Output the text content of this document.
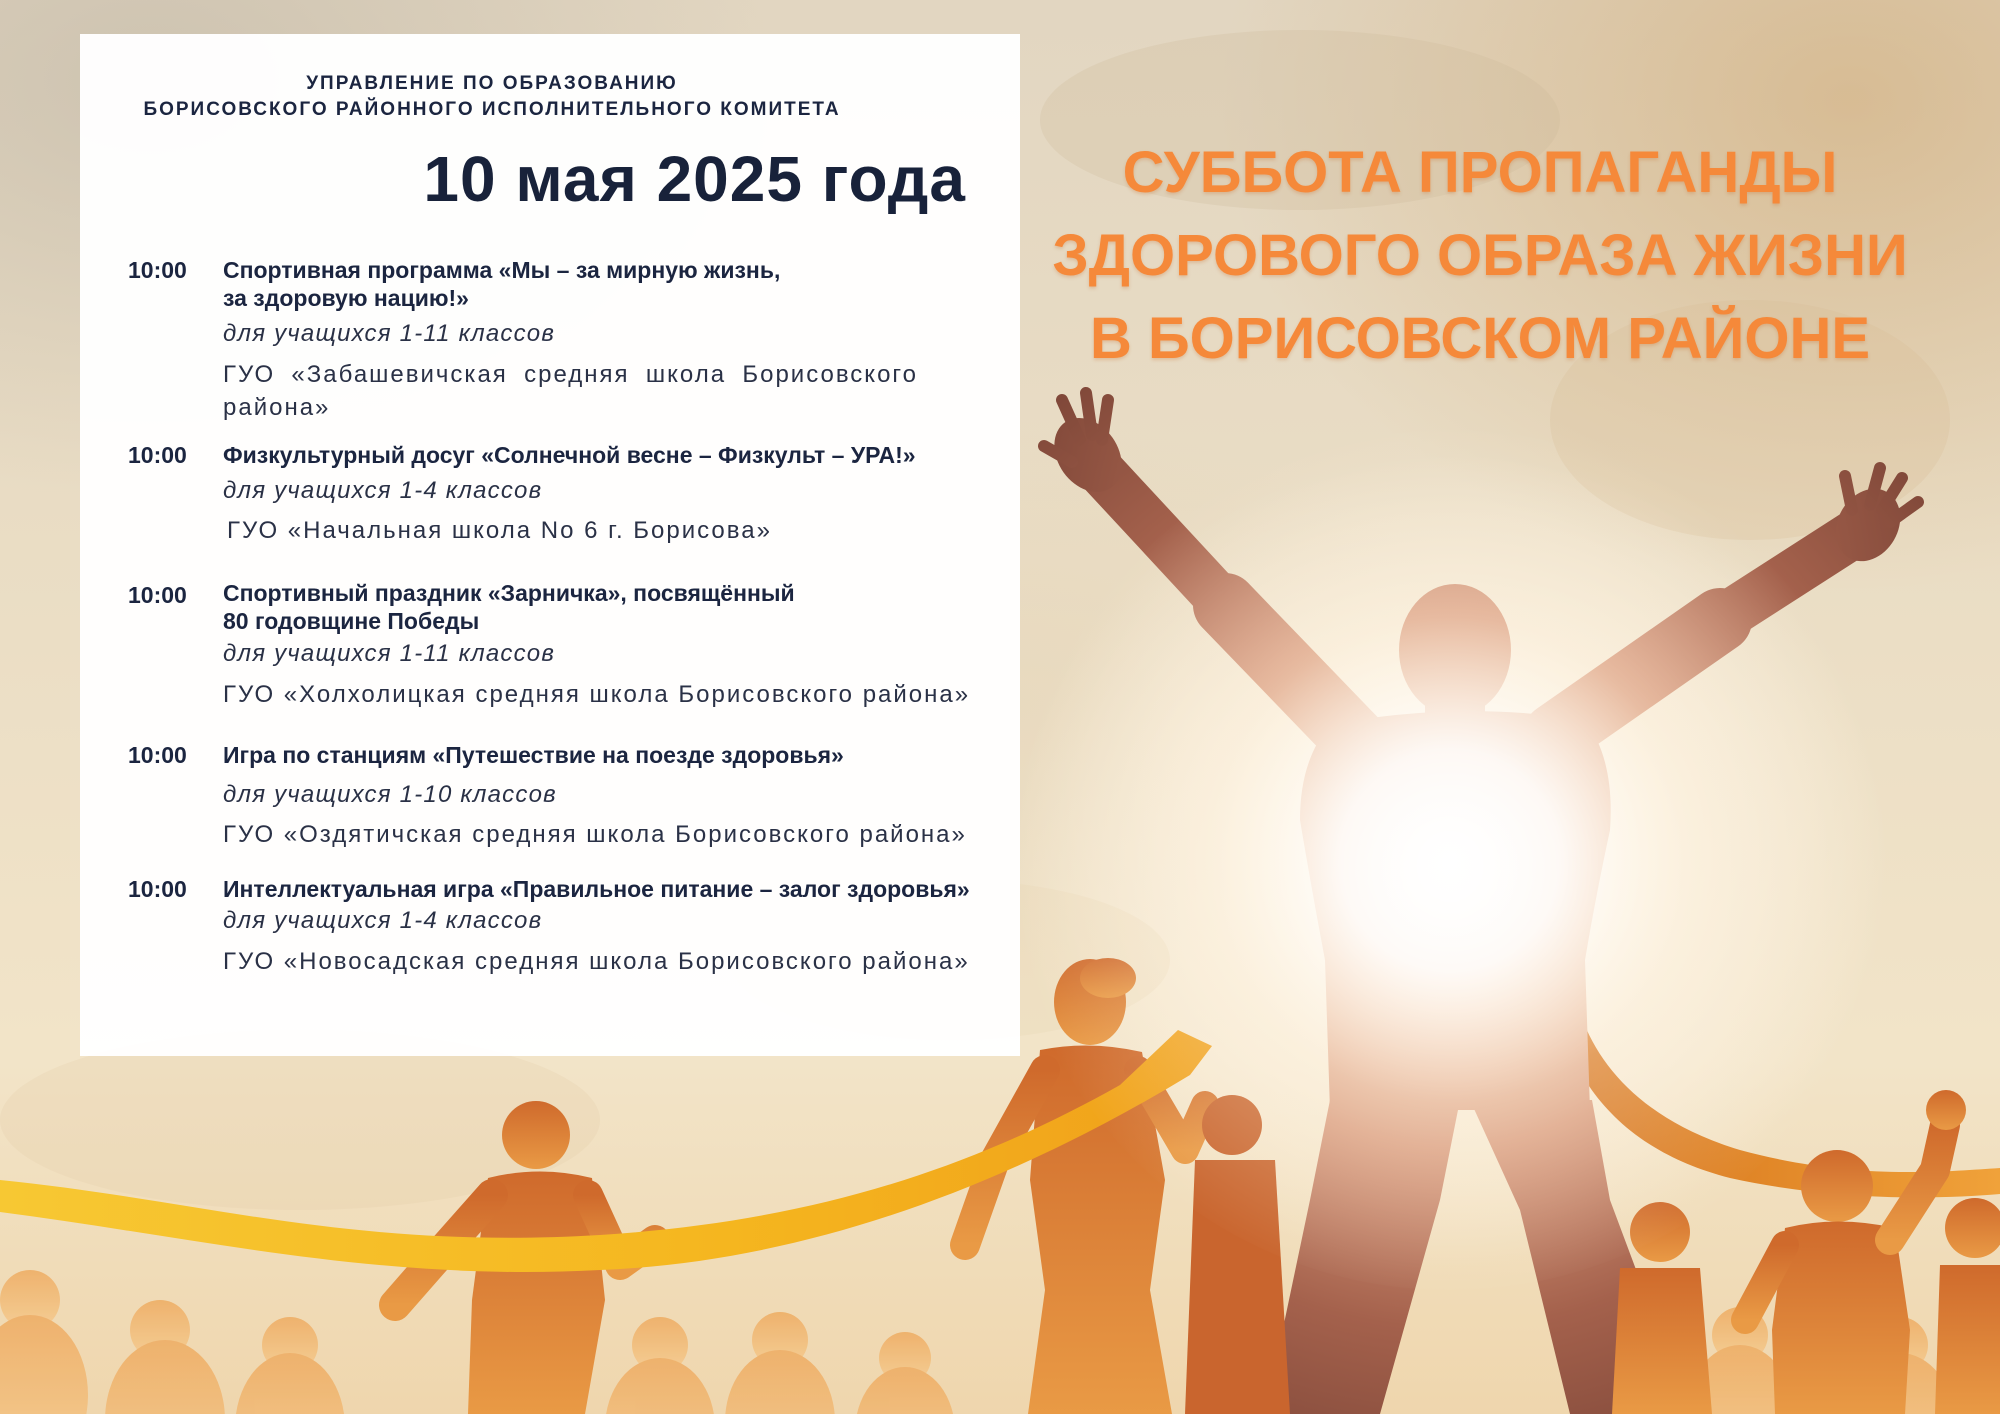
УПРАВЛЕНИЕ ПО ОБРАЗОВАНИЮ
БОРИСОВСКОГО РАЙОННОГО ИСПОЛНИТЕЛЬНОГО КОМИТЕТА
10 мая 2025 года
10:00 Спортивная программа «Мы – за мирную жизнь,
за здоровую нацию!»
для учащихся 1-11 классов
ГУО «Забашевичская средняя школа Борисовского
района»
10:00 Физкультурный досуг «Солнечной весне – Физкульт – УРА!»
для учащихся 1-4 классов
ГУО «Начальная школа No 6 г. Борисова»
10:00 Спортивный праздник «Зарничка», посвящённый
80 годовщине Победы
для учащихся 1-11 классов
ГУО «Холхолицкая средняя школа Борисовского района»
10:00 Игра по станциям «Путешествие на поезде здоровья»
для учащихся 1-10 классов
ГУО «Оздятичская средняя школа Борисовского района»
10:00 Интеллектуальная игра «Правильное питание – залог здоровья»
для учащихся 1-4 классов
ГУО «Новосадская средняя школа Борисовского района»
СУББОТА ПРОПАГАНДЫ
ЗДОРОВОГО ОБРАЗА ЖИЗНИ
В БОРИСОВСКОМ РАЙОНЕ
